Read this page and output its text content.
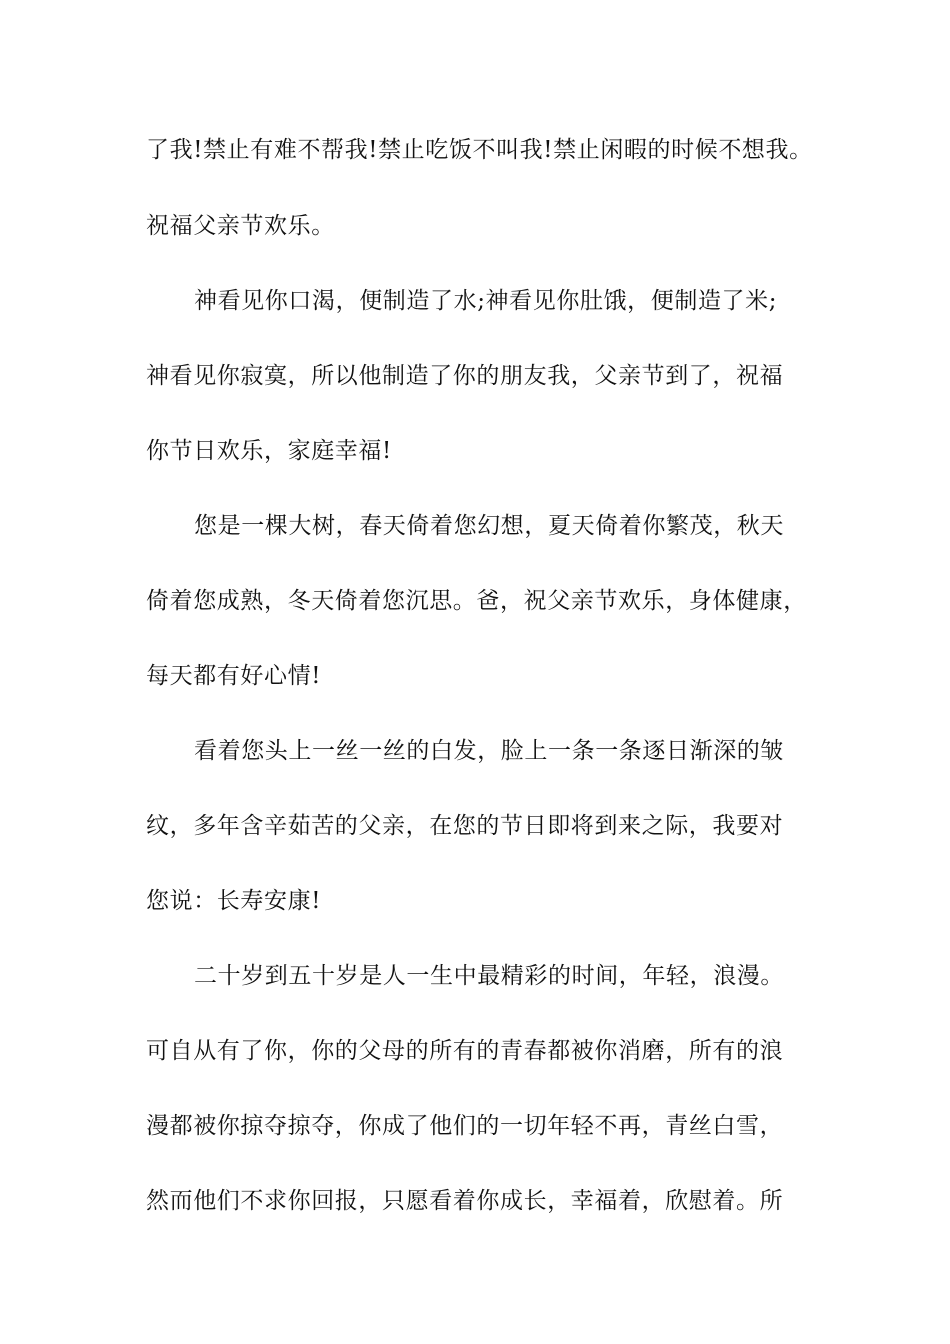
了我!禁止有难不帮我!禁止吃饭不叫我!禁止闲暇的时候不想我。
祝福父亲节欢乐。
神看见你口渴，便制造了水;神看见你肚饿，便制造了米;
神看见你寂寞，所以他制造了你的朋友我，父亲节到了，祝福
你节日欢乐，家庭幸福!
您是一棵大树，春天倚着您幻想，夏天倚着你繁茂，秋天
倚着您成熟，冬天倚着您沉思。爸，祝父亲节欢乐，身体健康，
每天都有好心情!
看着您头上一丝一丝的白发，脸上一条一条逐日渐深的皱
纹，多年含辛茹苦的父亲，在您的节日即将到来之际，我要对
您说：长寿安康!
二十岁到五十岁是人一生中最精彩的时间，年轻，浪漫。
可自从有了你，你的父母的所有的青春都被你消磨，所有的浪
漫都被你掠夺掠夺，你成了他们的一切年轻不再，青丝白雪，
然而他们不求你回报，只愿看着你成长，幸福着，欣慰着。所
